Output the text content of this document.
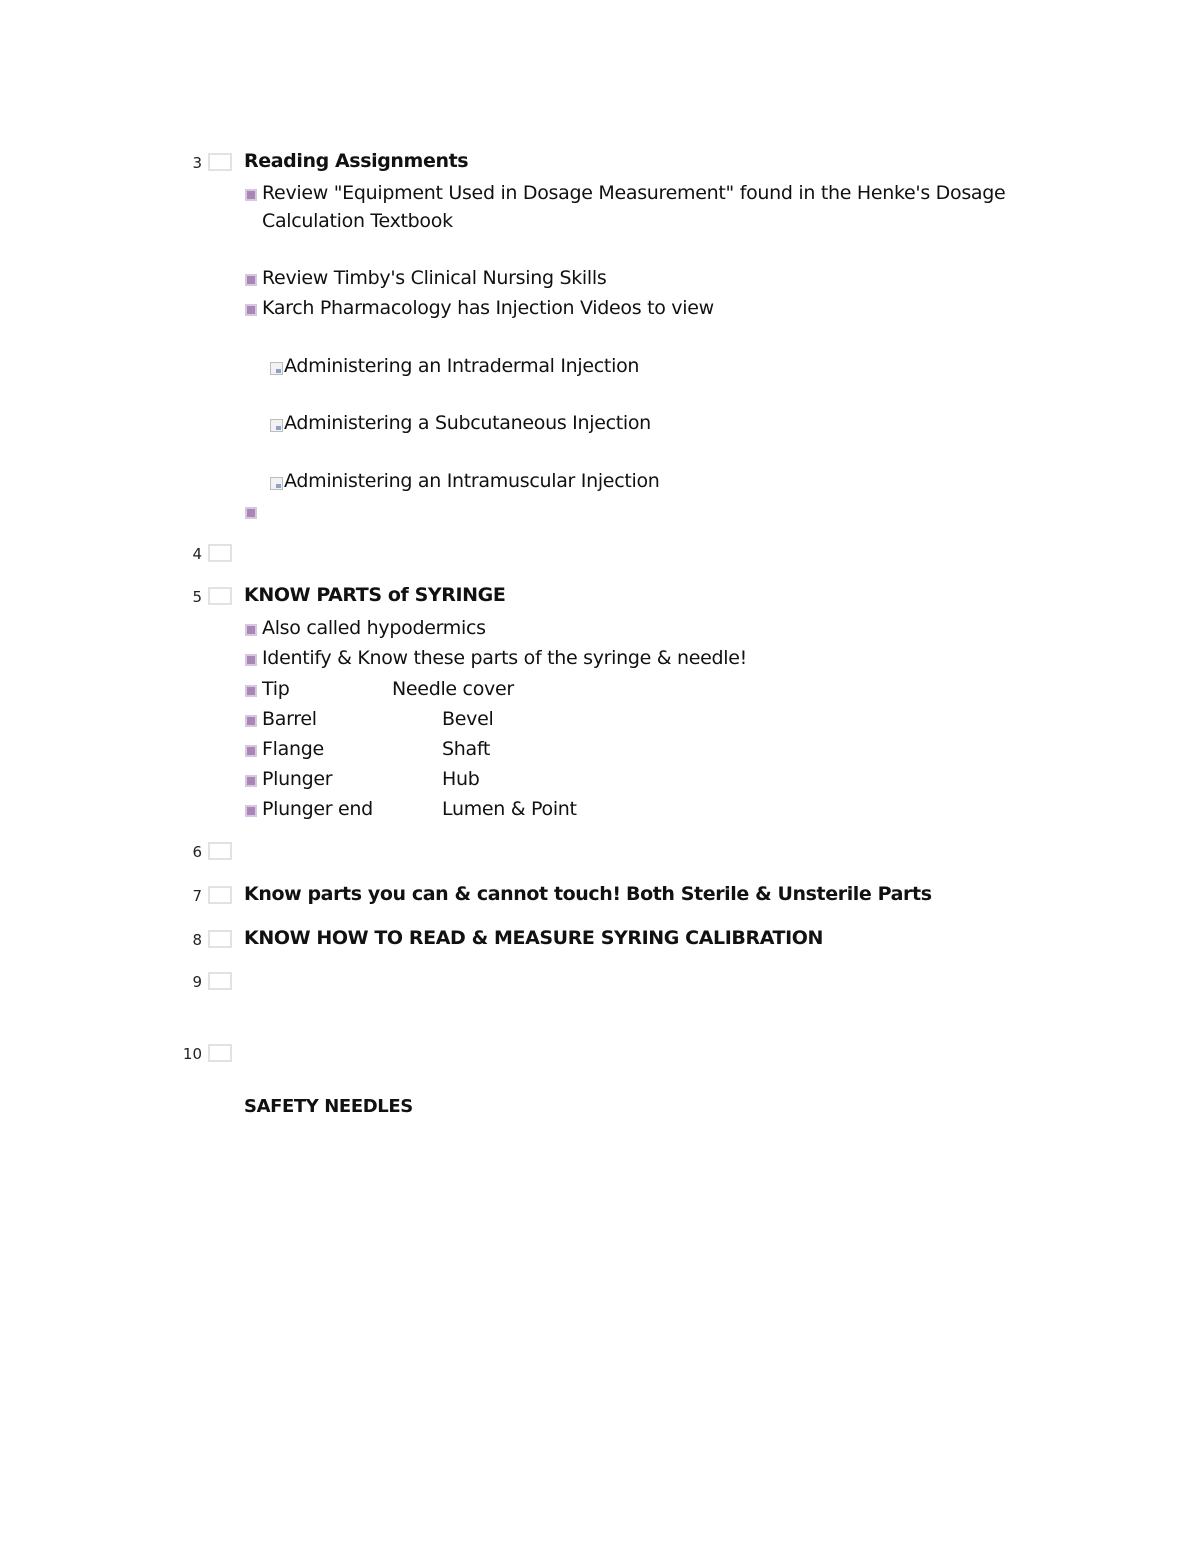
3 Reading Assignments
Review "Equipment Used in Dosage Measurement" found in the Henke's Dosage
Calculation Textbook
Review Timby's Clinical Nursing Skills
Karch Pharmacology has Injection Videos to view
Administering an Intradermal Injection
Administering a Subcutaneous Injection
Administering an Intramuscular Injection
4
5 KNOW PARTS of SYRINGE
Also called hypodermics
Identify & Know these parts of the syringe & needle!
Tip	Needle cover
Barrel	Bevel
Flange	Shaft
Plunger	Hub
Plunger end	Lumen & Point
6
7 Know parts you can & cannot touch! Both Sterile & Unsterile Parts
8 KNOW HOW TO READ & MEASURE SYRING CALIBRATION
9
10
SAFETY NEEDLES
